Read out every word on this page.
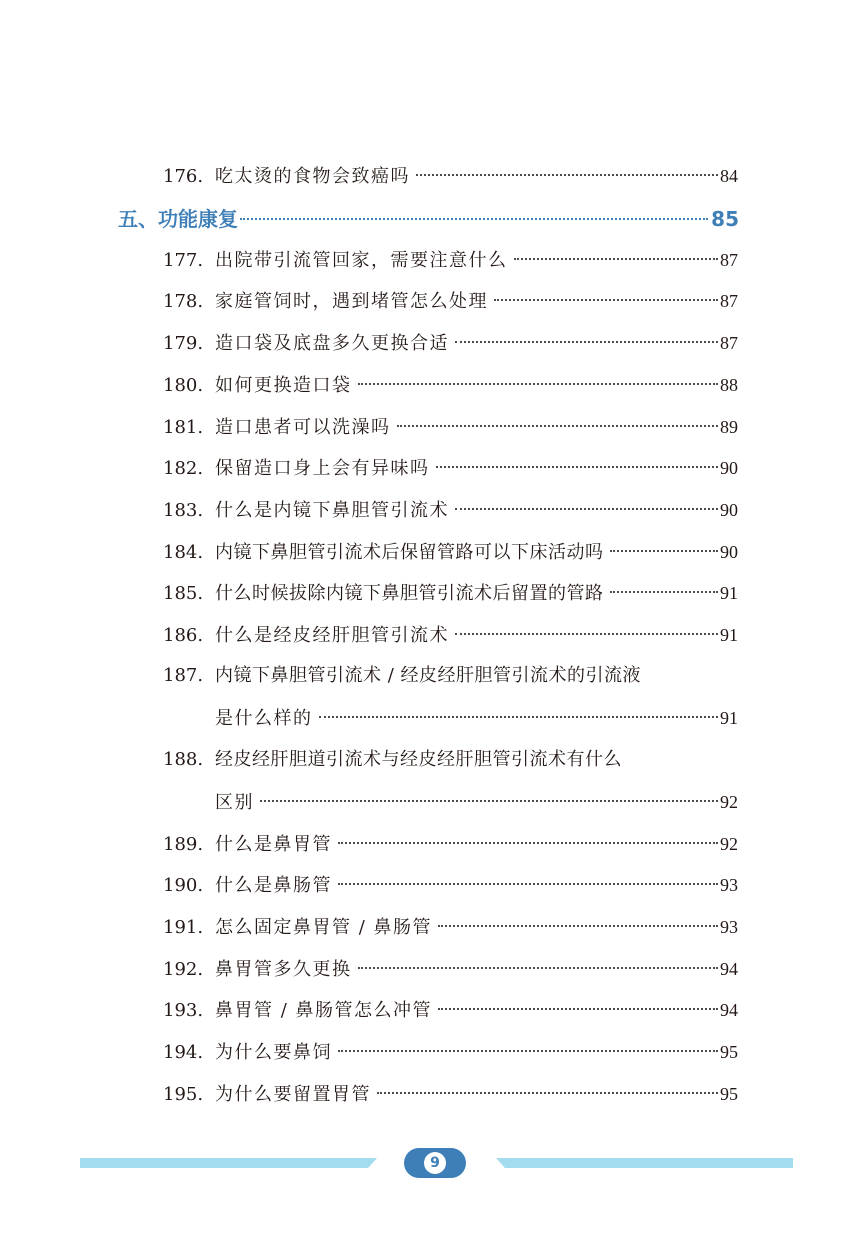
176. 吃太烫的食物会致癌吗	84
五、功能康复	85
177. 出院带引流管回家，需要注意什么	87
178. 家庭管饲时，遇到堵管怎么处理	87
179. 造口袋及底盘多久更换合适	87
180. 如何更换造口袋	88
181. 造口患者可以洗澡吗	89
182. 保留造口身上会有异味吗	90
183. 什么是内镜下鼻胆管引流术	90
184. 内镜下鼻胆管引流术后保留管路可以下床活动吗	90
185. 什么时候拔除内镜下鼻胆管引流术后留置的管路	91
186. 什么是经皮经肝胆管引流术	91
187. 内镜下鼻胆管引流术 / 经皮经肝胆管引流术的引流液
是什么样的	91
188. 经皮经肝胆道引流术与经皮经肝胆管引流术有什么
区别	92
189. 什么是鼻胃管	92
190. 什么是鼻肠管	93
191. 怎么固定鼻胃管 / 鼻肠管	93
192. 鼻胃管多久更换	94
193. 鼻胃管 / 鼻肠管怎么冲管	94
194. 为什么要鼻饲	95
195. 为什么要留置胃管	95
9
